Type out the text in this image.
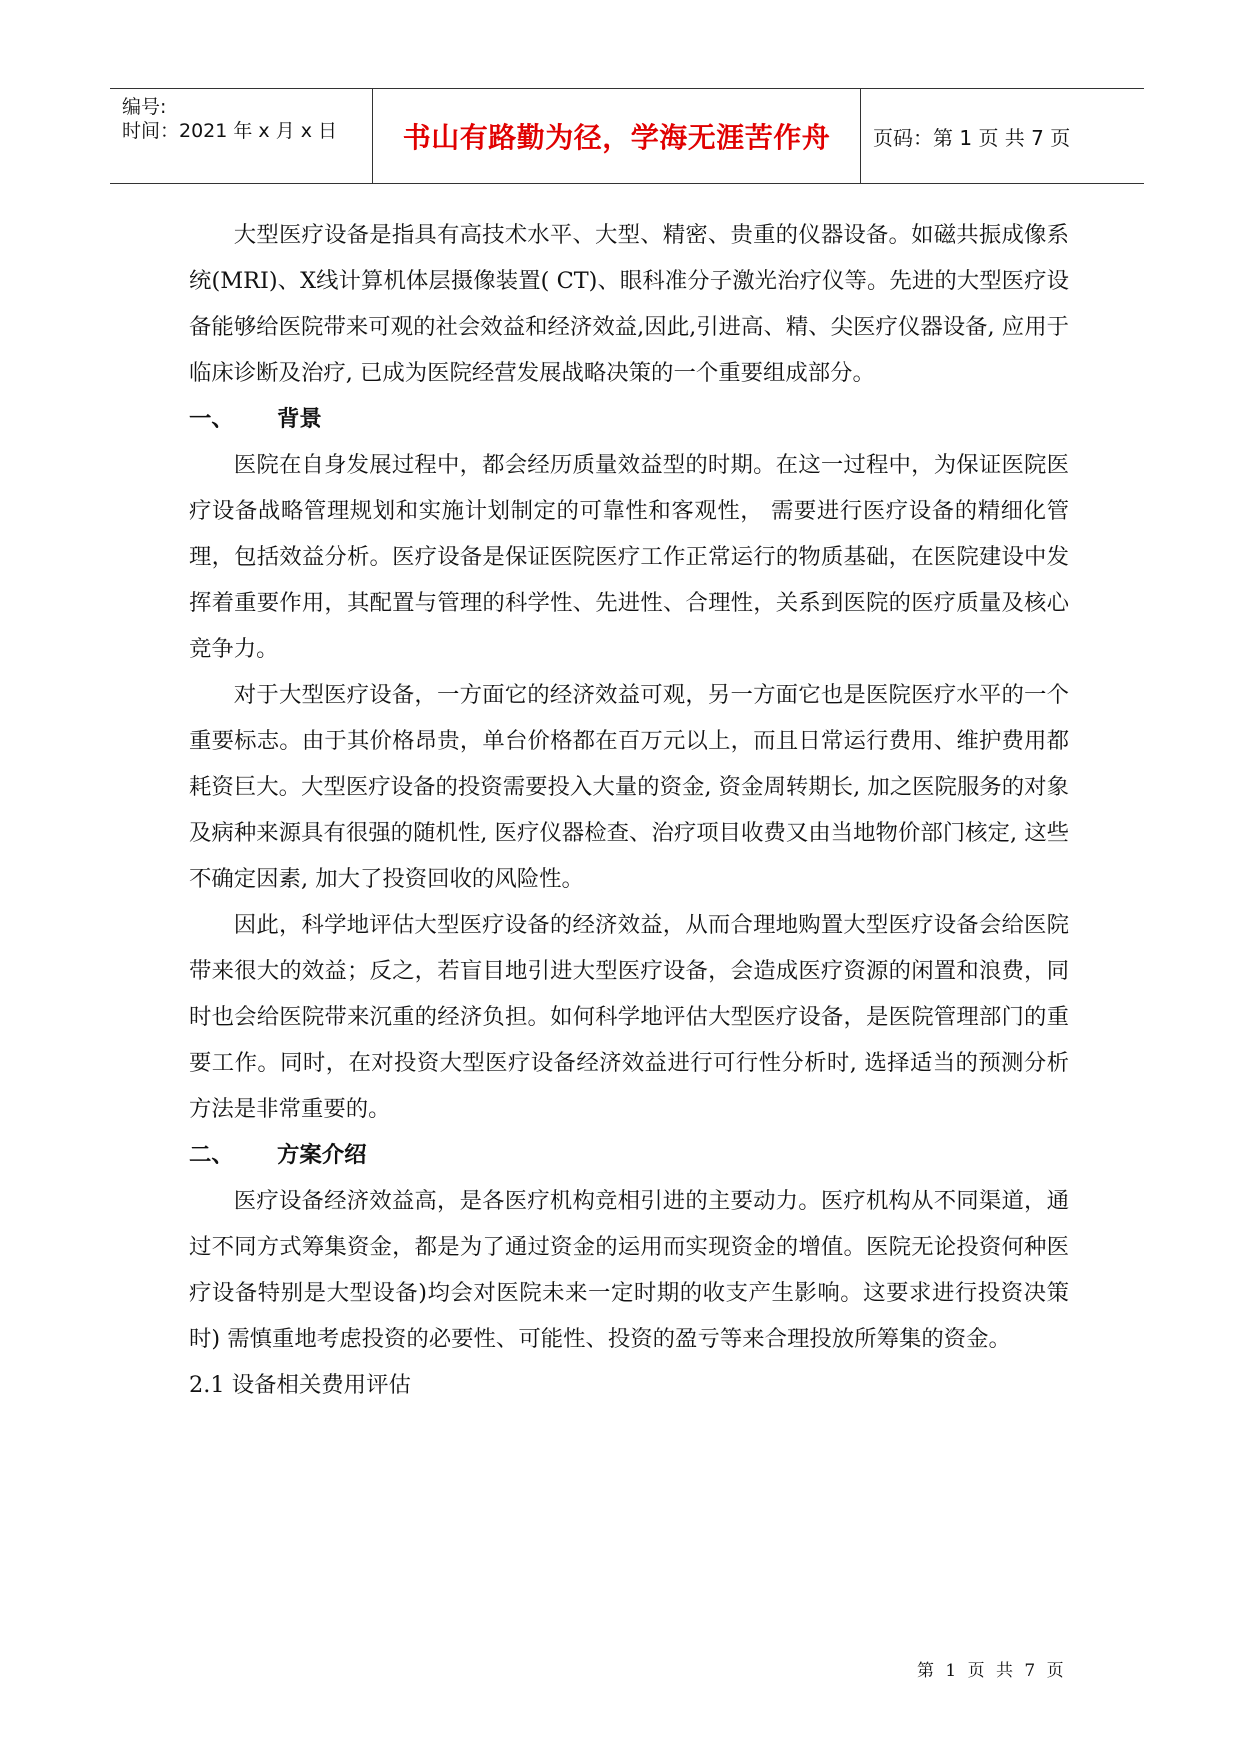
编号:
时间：2021 年 x 月 x 日	书山有路勤为径，学海无涯苦作舟	页码：第 1 页 共 7 页

大型医疗设备是指具有高技术水平、大型、精密、贵重的仪器设备。如磁共振成像系统(MRI)、X线计算机体层摄像装置( CT)、眼科准分子激光治疗仪等。先进的大型医疗设备能够给医院带来可观的社会效益和经济效益,因此,引进高、精、尖医疗仪器设备, 应用于临床诊断及治疗, 已成为医院经营发展战略决策的一个重要组成部分。

一、 背景

医院在自身发展过程中，都会经历质量效益型的时期。在这一过程中，为保证医院医疗设备战略管理规划和实施计划制定的可靠性和客观性， 需要进行医疗设备的精细化管理，包括效益分析。医疗设备是保证医院医疗工作正常运行的物质基础，在医院建设中发挥着重要作用，其配置与管理的科学性、先进性、合理性，关系到医院的医疗质量及核心竞争力。

对于大型医疗设备，一方面它的经济效益可观，另一方面它也是医院医疗水平的一个重要标志。由于其价格昂贵，单台价格都在百万元以上，而且日常运行费用、维护费用都耗资巨大。大型医疗设备的投资需要投入大量的资金, 资金周转期长, 加之医院服务的对象及病种来源具有很强的随机性, 医疗仪器检查、治疗项目收费又由当地物价部门核定, 这些不确定因素, 加大了投资回收的风险性。

因此，科学地评估大型医疗设备的经济效益，从而合理地购置大型医疗设备会给医院带来很大的效益；反之，若盲目地引进大型医疗设备，会造成医疗资源的闲置和浪费，同时也会给医院带来沉重的经济负担。如何科学地评估大型医疗设备，是医院管理部门的重要工作。同时，在对投资大型医疗设备经济效益进行可行性分析时, 选择适当的预测分析方法是非常重要的。

二、 方案介绍

医疗设备经济效益高，是各医疗机构竞相引进的主要动力。医疗机构从不同渠道，通过不同方式筹集资金，都是为了通过资金的运用而实现资金的增值。医院无论投资何种医疗设备特别是大型设备)均会对医院未来一定时期的收支产生影响。这要求进行投资决策时) 需慎重地考虑投资的必要性、可能性、投资的盈亏等来合理投放所筹集的资金。

2.1 设备相关费用评估
第 1 页 共 7 页
